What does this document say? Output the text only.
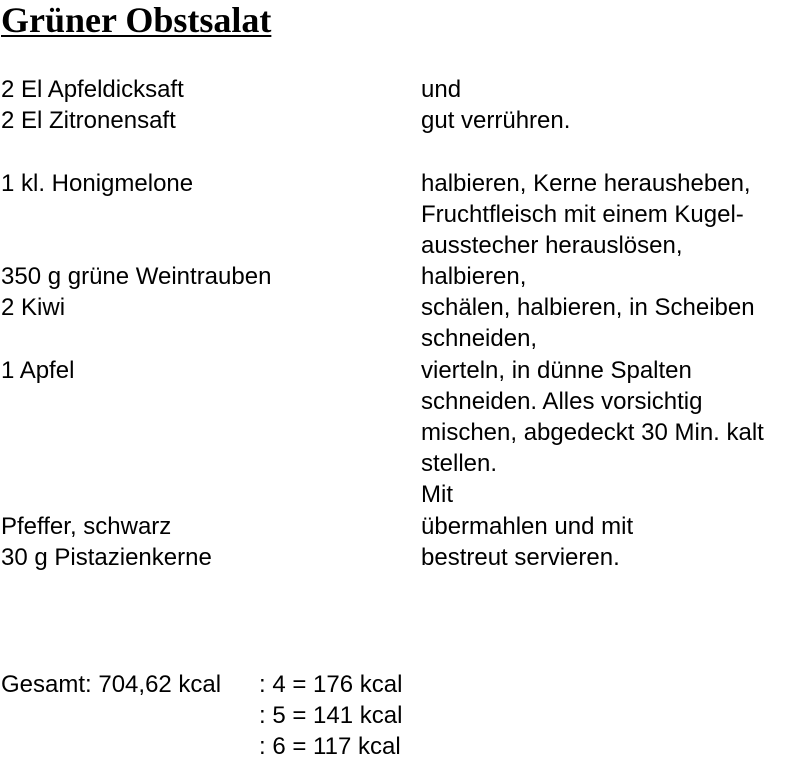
Grüner Obstsalat
2 El Apfeldicksaft
2 El Zitronensaft
1 kl. Honigmelone
350 g grüne Weintrauben
2 Kiwi
1 Apfel
Pfeffer, schwarz
30 g Pistazienkerne
und
gut verrühren.
halbieren, Kerne herausheben,
Fruchtfleisch mit einem Kugel-
ausstecher herauslösen,
halbieren,
schälen, halbieren, in Scheiben
schneiden,
vierteln, in dünne Spalten
schneiden. Alles vorsichtig
mischen, abgedeckt 30 Min. kalt
stellen.
Mit
übermahlen und mit
bestreut servieren.
Gesamt: 704,62 kcal : 4 = 176 kcal
: 5 = 141 kcal
: 6 = 117 kcal
